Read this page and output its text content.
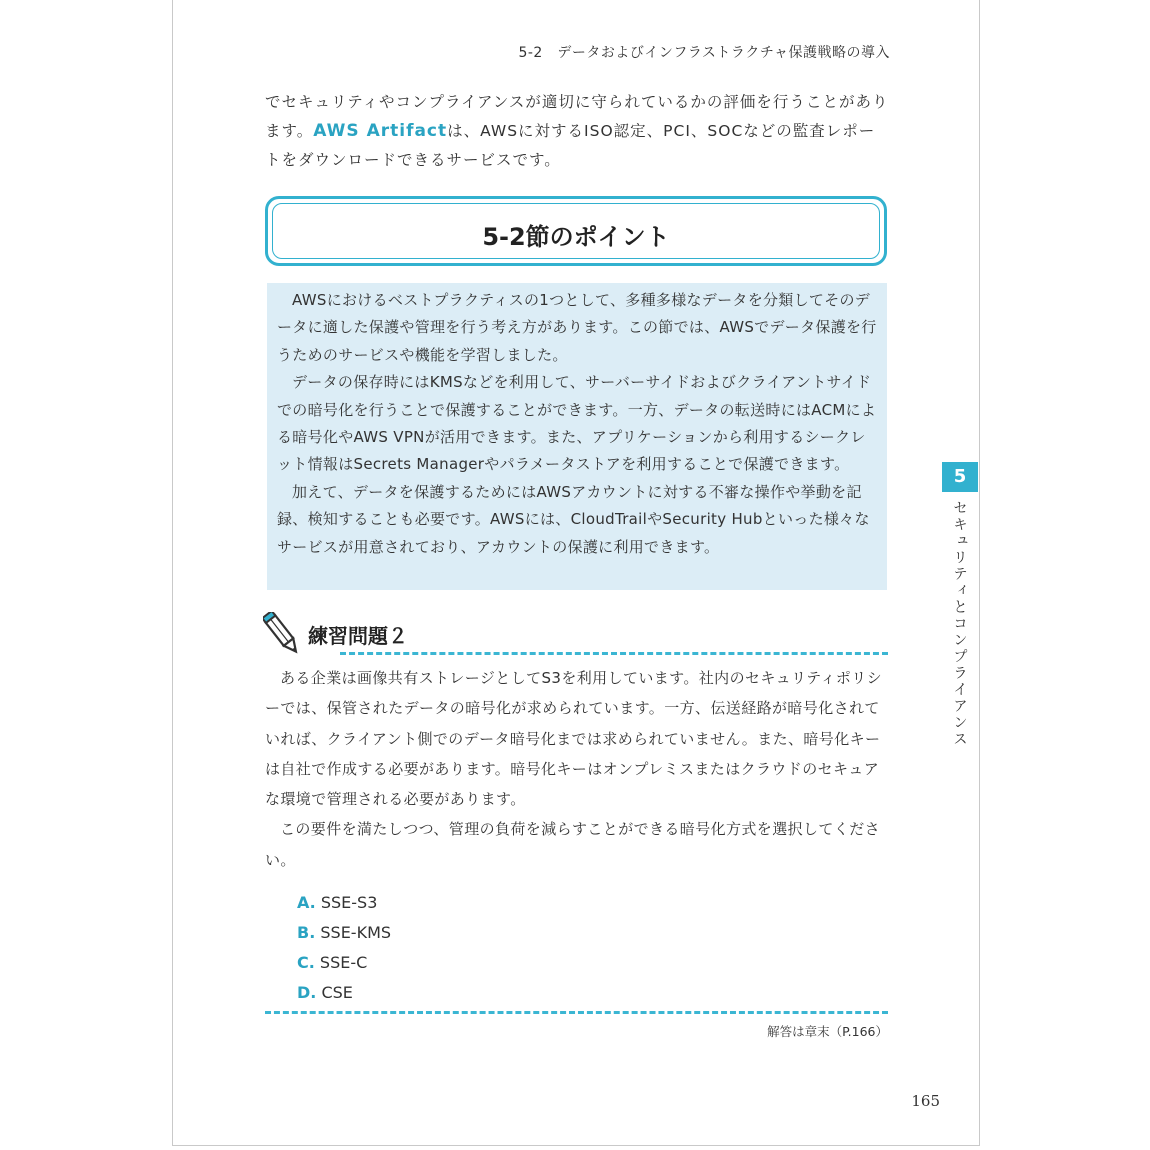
5-2　データおよびインフラストラクチャ保護戦略の導入
でセキュリティやコンプライアンスが適切に守られているかの評価を行うことがあります。AWS Artifactは、AWSに対するISO認定、PCI、SOCなどの監査レポートをダウンロードできるサービスです。
5-2節のポイント

AWSにおけるベストプラクティスの1つとして、多種多様なデータを分類してそのデータに適した保護や管理を行う考え方があります。この節では、AWSでデータ保護を行うためのサービスや機能を学習しました。

データの保存時にはKMSなどを利用して、サーバーサイドおよびクライアントサイドでの暗号化を行うことで保護することができます。一方、データの転送時にはACMによる暗号化やAWS VPNが活用できます。また、アプリケーションから利用するシークレット情報はSecrets Managerやパラメータストアを利用することで保護できます。

加えて、データを保護するためにはAWSアカウントに対する不審な操作や挙動を記録、検知することも必要です。AWSには、CloudTrailやSecurity Hubといった様々なサービスが用意されており、アカウントの保護に利用できます。

練習問題２

ある企業は画像共有ストレージとしてS3を利用しています。社内のセキュリティポリシーでは、保管されたデータの暗号化が求められています。一方、伝送経路が暗号化されていれば、クライアント側でのデータ暗号化までは求められていません。また、暗号化キーは自社で作成する必要があります。暗号化キーはオンプレミスまたはクラウドのセキュアな環境で管理される必要があります。

この要件を満たしつつ、管理の負荷を減らすことができる暗号化方式を選択してください。

A. SSE-S3
B. SSE-KMS
C. SSE-C
D. CSE
解答は章末（P.166）
165
5
セキュリティとコンプライアンス
